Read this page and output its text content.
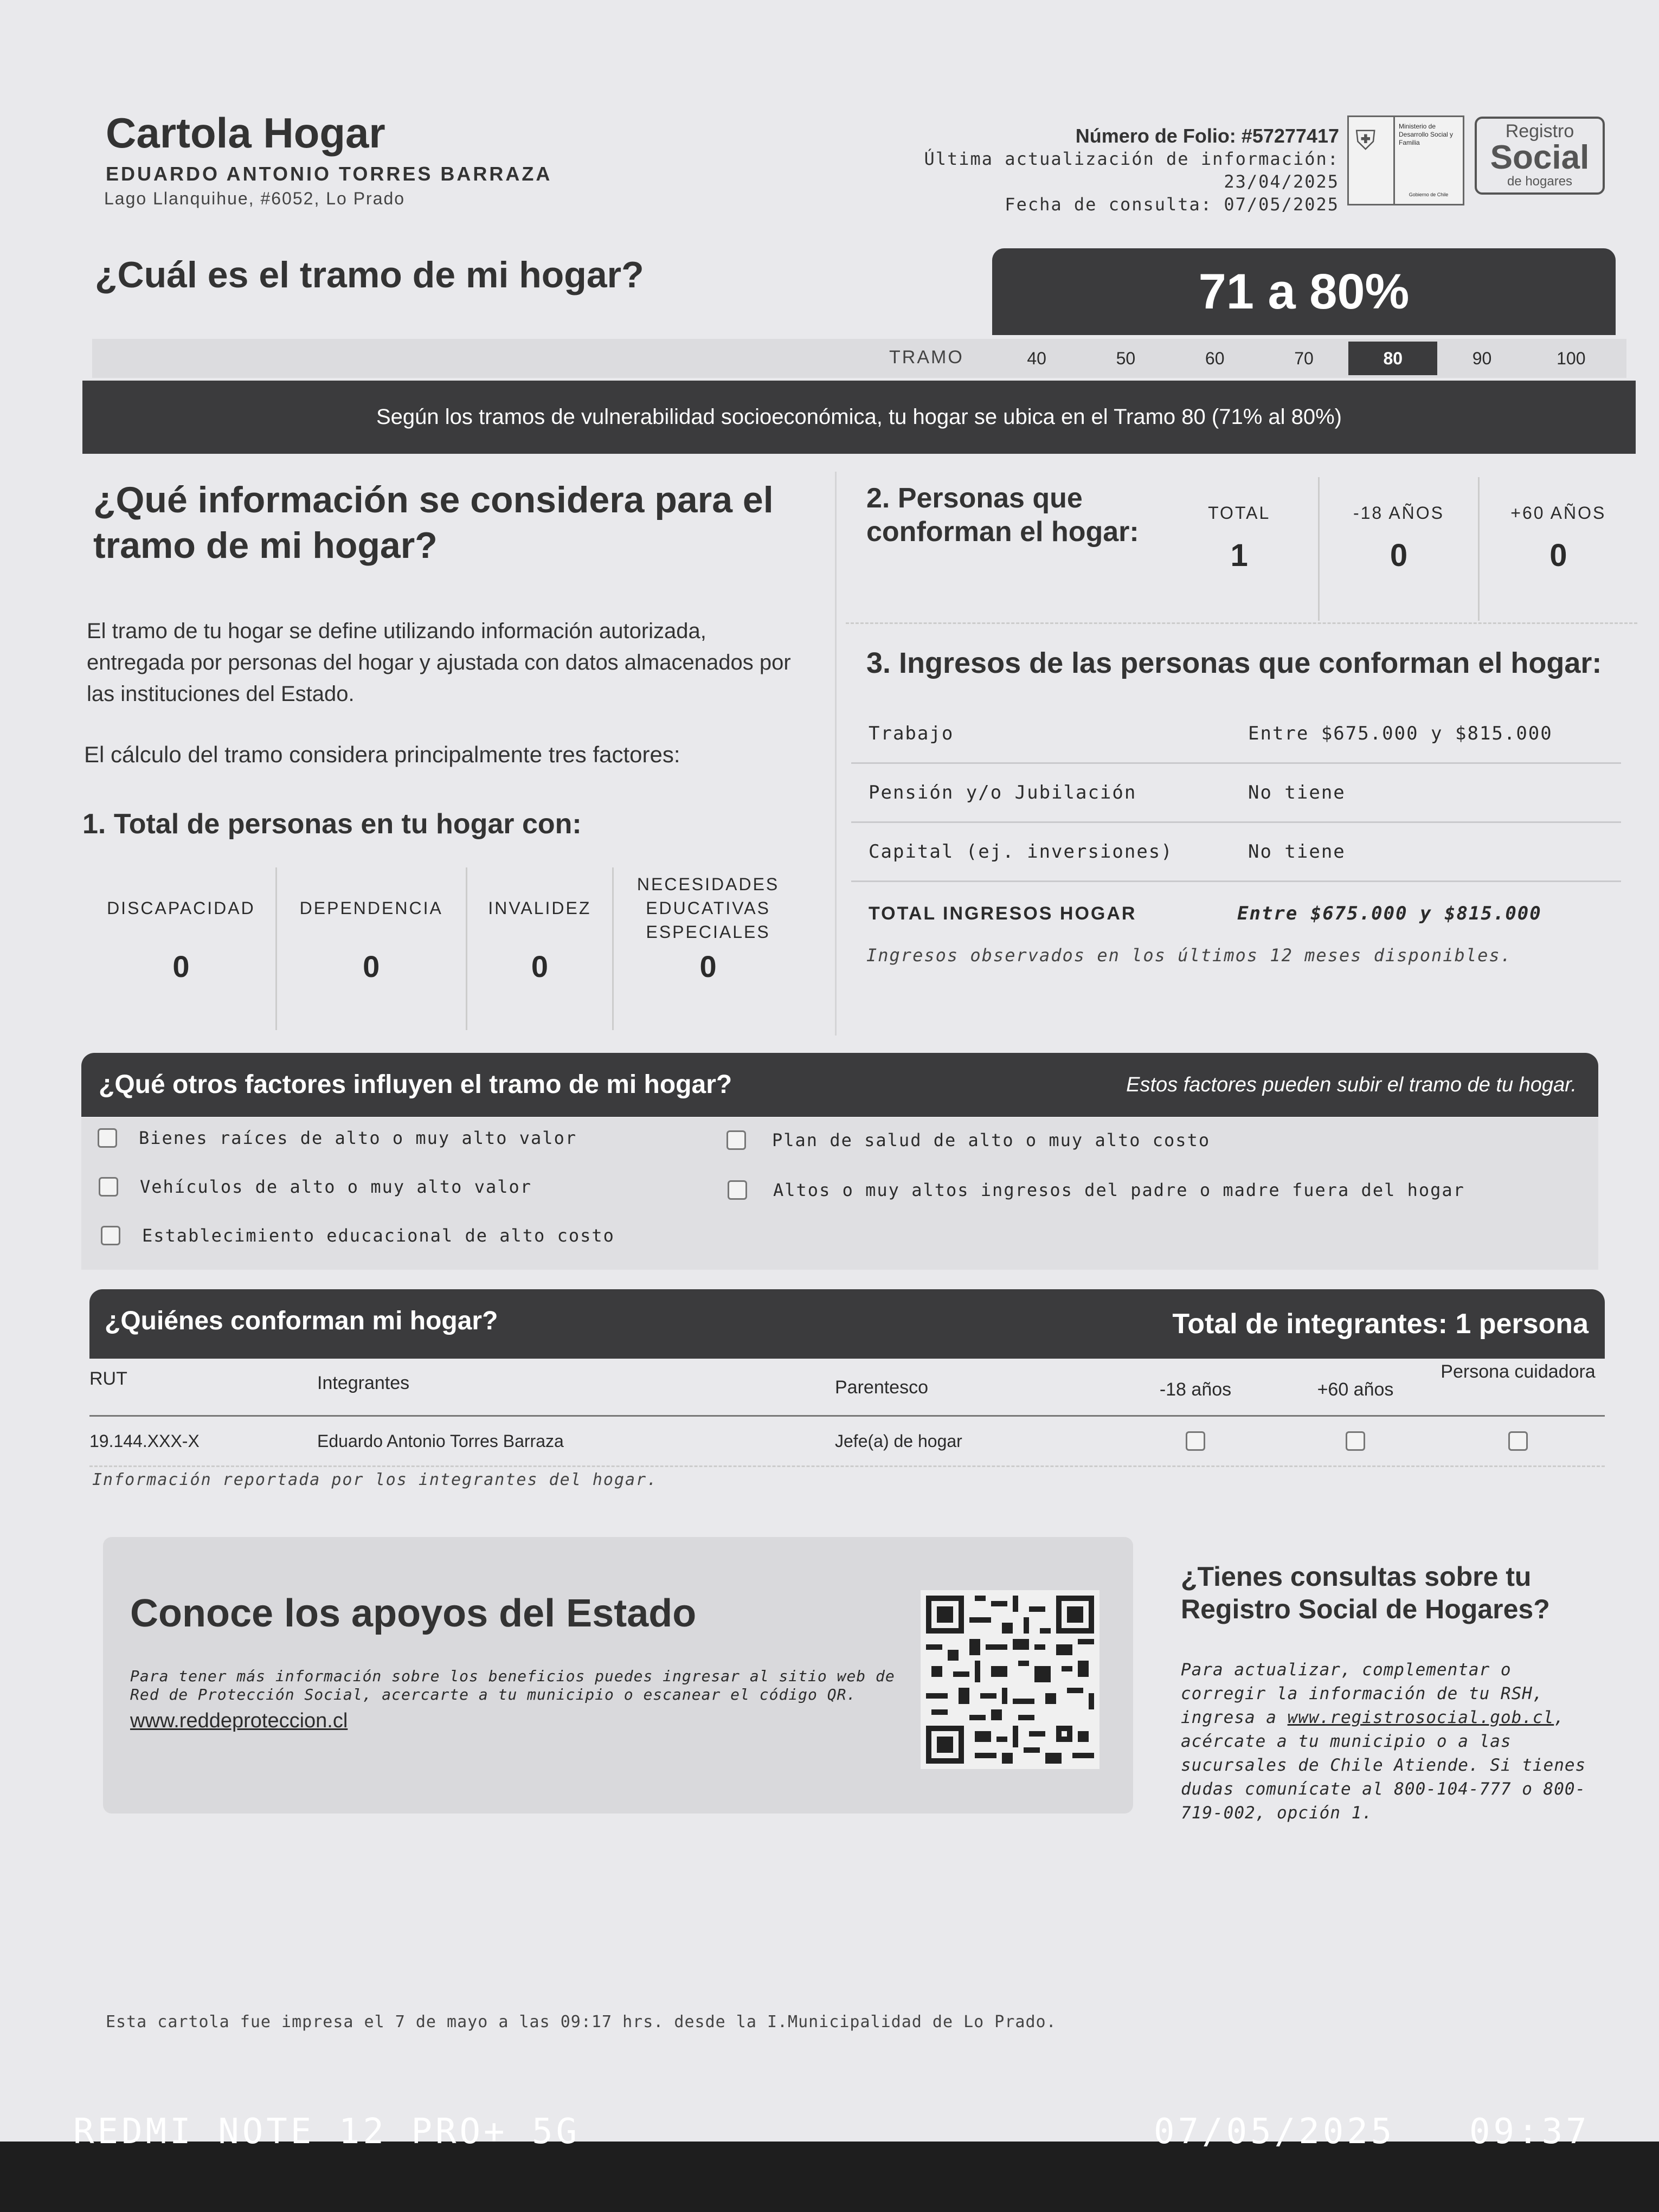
Cartola Hogar
EDUARDO ANTONIO TORRES BARRAZA
Lago Llanquihue, #6052, Lo Prado
Número de Folio: #57277417
Última actualización de información: 23/04/2025
Fecha de consulta: 07/05/2025
⛨	Ministerio de Desarrollo Social y Familia
Gobierno de Chile
Registro
Social
de hogares
¿Cuál es el tramo de mi hogar?	71 a 80%
TRAMO	40	50	60	70	80	90	100
Según los tramos de vulnerabilidad socioeconómica, tu hogar se ubica en el Tramo 80 (71% al 80%)
¿Qué información se considera para el tramo de mi hogar?
El tramo de tu hogar se define utilizando información autorizada, entregada por personas del hogar y ajustada con datos almacenados por las instituciones del Estado.
El cálculo del tramo considera principalmente tres factores:
1. Total de personas en tu hogar con:
DISCAPACIDAD
0
DEPENDENCIA
0
INVALIDEZ
0
NECESIDADES EDUCATIVAS ESPECIALES
0
2. Personas que conforman el hogar:
TOTAL
1
-18 AÑOS
0
+60 AÑOS
0
3. Ingresos de las personas que conforman el hogar:
Trabajo	Entre $675.000 y $815.000
Pensión y/o Jubilación	No tiene
Capital (ej. inversiones)	No tiene
TOTAL INGRESOS HOGAR	Entre $675.000 y $815.000
Ingresos observados en los últimos 12 meses disponibles.
¿Qué otros factores influyen el tramo de mi hogar?	Estos factores pueden subir el tramo de tu hogar.
Bienes raíces de alto o muy alto valor	Plan de salud de alto o muy alto costo
Vehículos de alto o muy alto valor	Altos o muy altos ingresos del padre o madre fuera del hogar
Establecimiento educacional de alto costo
¿Quiénes conforman mi hogar?	Total de integrantes: 1 persona
RUT	Integrantes	Parentesco	-18 años	+60 años
Persona cuidadora
19.144.XXX-X	Eduardo Antonio Torres Barraza	Jefe(a) de hogar
Información reportada por los integrantes del hogar.
Conoce los apoyos del Estado
Para tener más información sobre los beneficios puedes ingresar al sitio web de Red de Protección Social, acercarte a tu municipio o escanear el código QR.
www.reddeproteccion.cl
¿Tienes consultas sobre tu Registro Social de Hogares?
Para actualizar, complementar o corregir la información de tu RSH, ingresa a www.registrosocial.gob.cl, acércate a tu municipio o a las sucursales de Chile Atiende. Si tienes dudas comunícate al 800-104-777 o 800-719-002, opción 1.
Esta cartola fue impresa el 7 de mayo a las 09:17 hrs. desde la I.Municipalidad de Lo Prado.
REDMI NOTE 12 PRO+ 5G	07/05/2025 09:37
